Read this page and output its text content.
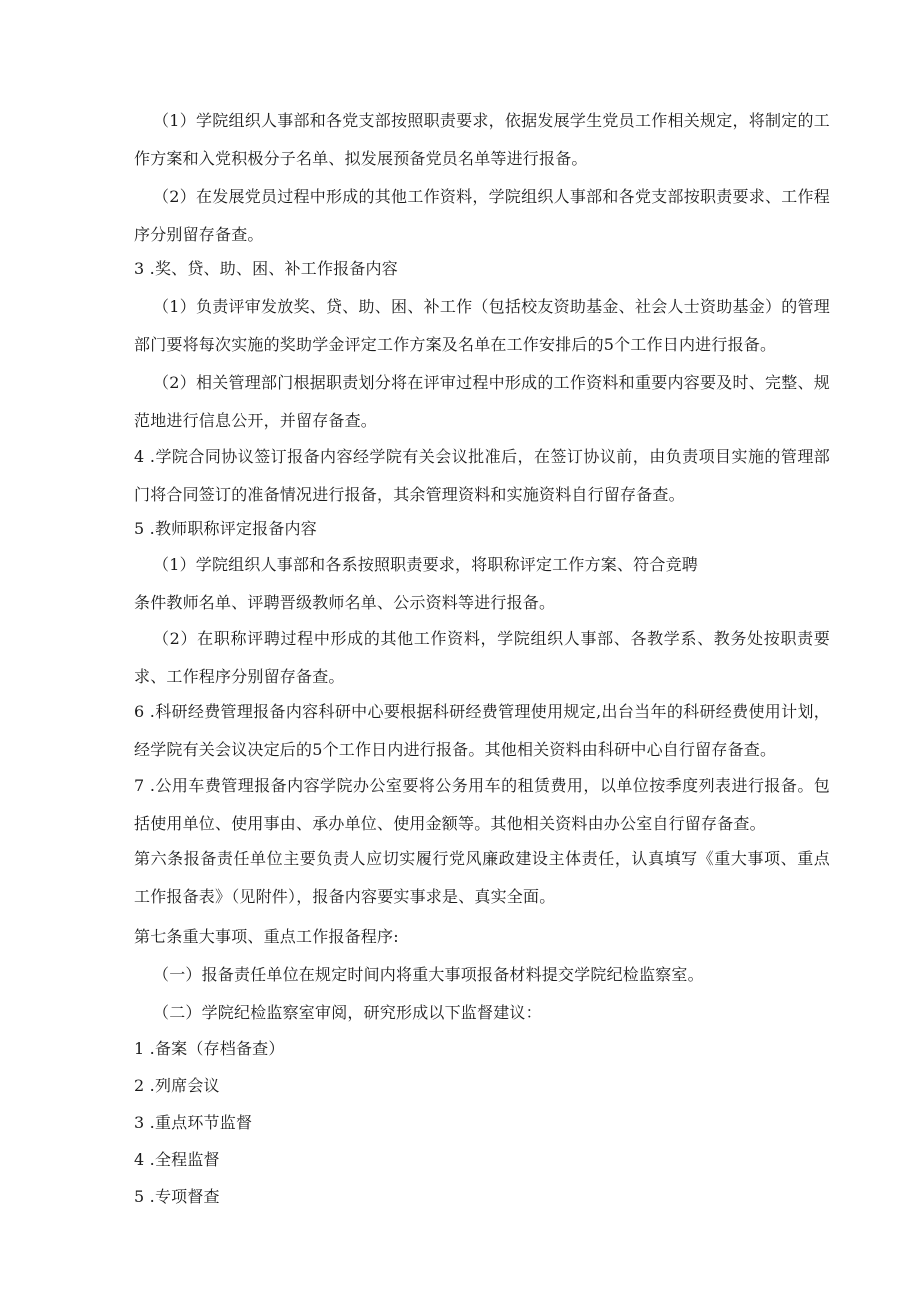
（1）学院组织人事部和各党支部按照职责要求，依据发展学生党员工作相关规定，将制定的工作方案和入党积极分子名单、拟发展预备党员名单等进行报备。

（2）在发展党员过程中形成的其他工作资料，学院组织人事部和各党支部按职责要求、工作程序分别留存备查。

3 .奖、贷、助、困、补工作报备内容

（1）负责评审发放奖、贷、助、困、补工作（包括校友资助基金、社会人士资助基金）的管理部门要将每次实施的奖助学金评定工作方案及名单在工作安排后的5个工作日内进行报备。

（2）相关管理部门根据职责划分将在评审过程中形成的工作资料和重要内容要及时、完整、规范地进行信息公开，并留存备查。

4 .学院合同协议签订报备内容经学院有关会议批准后，在签订协议前，由负责项目实施的管理部门将合同签订的准备情况进行报备，其余管理资料和实施资料自行留存备查。

5 .教师职称评定报备内容

（1）学院组织人事部和各系按照职责要求，将职称评定工作方案、符合竞聘

条件教师名单、评聘晋级教师名单、公示资料等进行报备。

（2）在职称评聘过程中形成的其他工作资料，学院组织人事部、各教学系、教务处按职责要求、工作程序分别留存备查。

6 .科研经费管理报备内容科研中心要根据科研经费管理使用规定,出台当年的科研经费使用计划，经学院有关会议决定后的5个工作日内进行报备。其他相关资料由科研中心自行留存备查。

7 .公用车费管理报备内容学院办公室要将公务用车的租赁费用，以单位按季度列表进行报备。包括使用单位、使用事由、承办单位、使用金额等。其他相关资料由办公室自行留存备查。

第六条报备责任单位主要负责人应切实履行党风廉政建设主体责任，认真填写《重大事项、重点工作报备表》（见附件），报备内容要实事求是、真实全面。

第七条重大事项、重点工作报备程序:

（一）报备责任单位在规定时间内将重大事项报备材料提交学院纪检监察室。

（二）学院纪检监察室审阅，研究形成以下监督建议：

1 .备案（存档备查）

2 .列席会议

3 .重点环节监督

4 .全程监督

5 .专项督查
